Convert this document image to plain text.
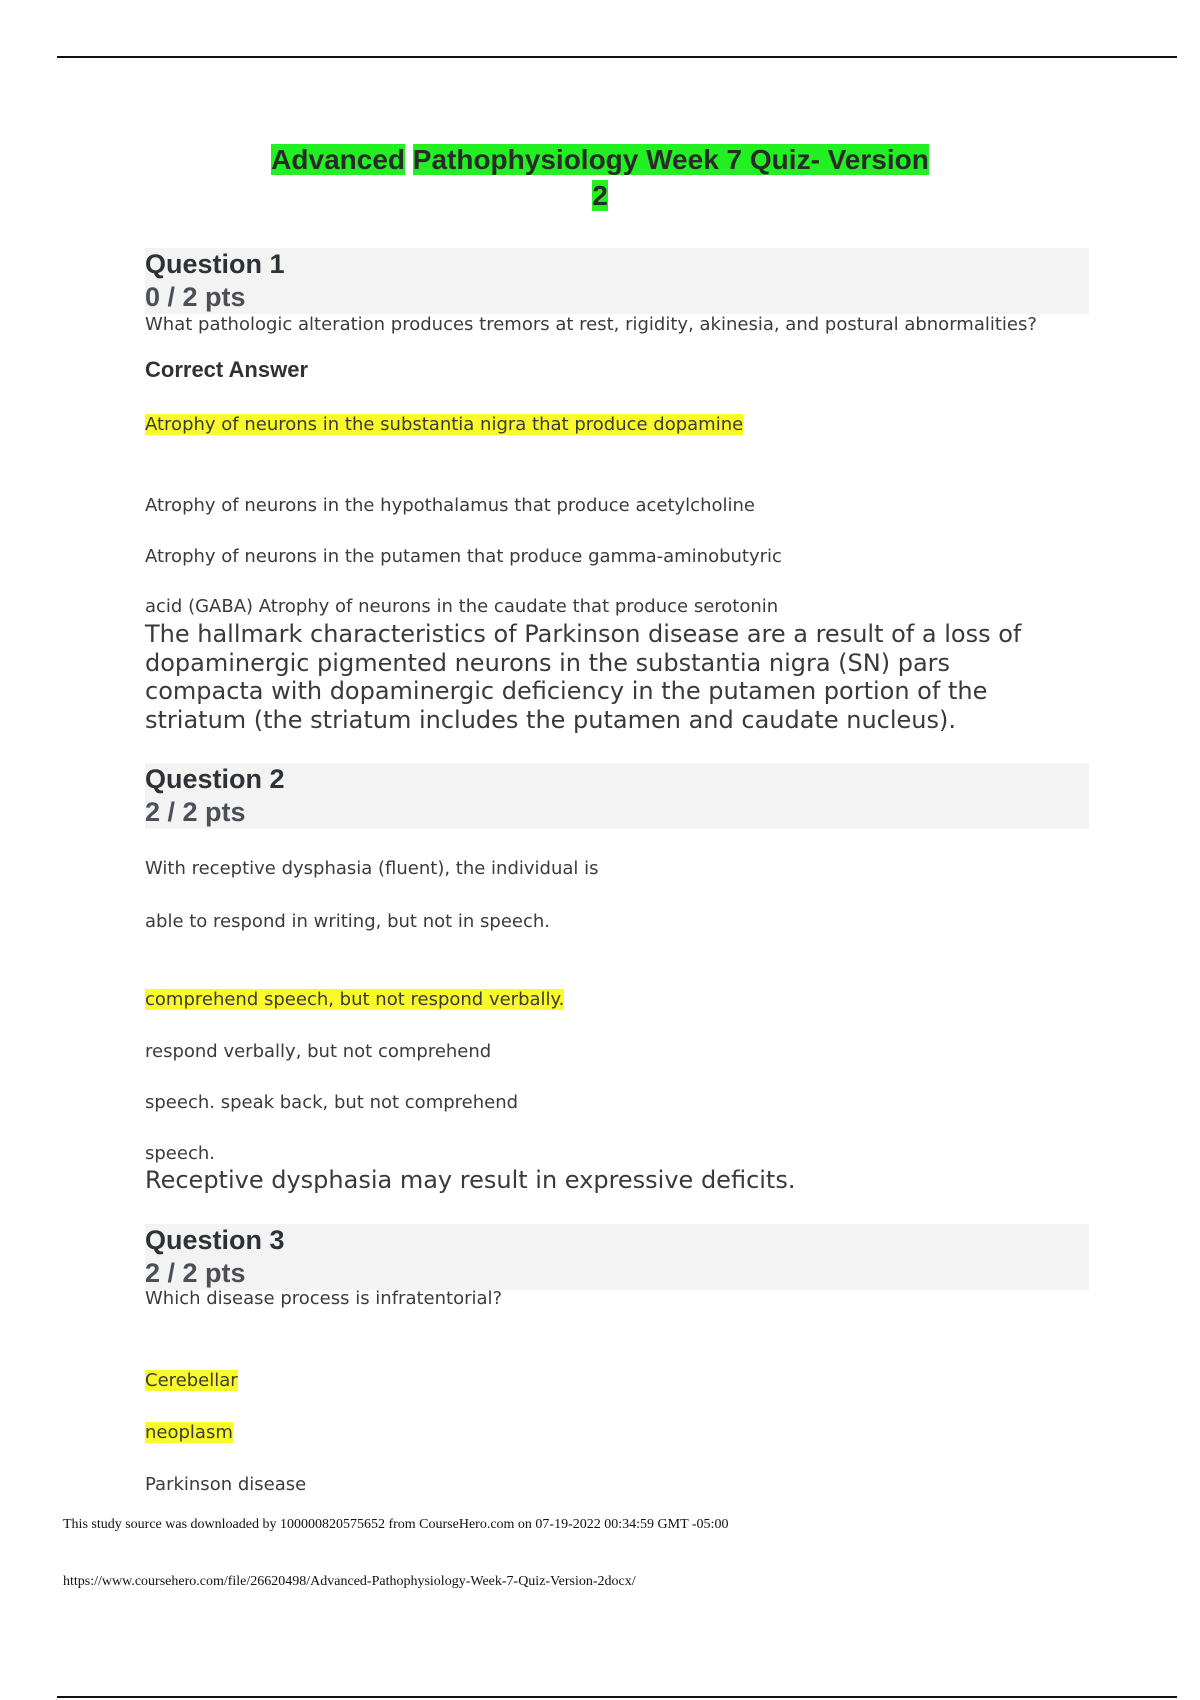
Advanced Pathophysiology Week 7 Quiz- Version
2
Question 1
0 / 2 pts
What pathologic alteration produces tremors at rest, rigidity, akinesia, and postural abnormalities?
Correct Answer
Atrophy of neurons in the substantia nigra that produce dopamine
Atrophy of neurons in the hypothalamus that produce acetylcholine
Atrophy of neurons in the putamen that produce gamma-aminobutyric
acid (GABA) Atrophy of neurons in the caudate that produce serotonin
The hallmark characteristics of Parkinson disease are a result of a loss of dopaminergic pigmented neurons in the substantia nigra (SN) pars compacta with dopaminergic deficiency in the putamen portion of the striatum (the striatum includes the putamen and caudate nucleus).
Question 2
2 / 2 pts
With receptive dysphasia (fluent), the individual is
able to respond in writing, but not in speech.
comprehend speech, but not respond verbally.
respond verbally, but not comprehend
speech. speak back, but not comprehend
speech.
Receptive dysphasia may result in expressive deficits.
Question 3
2 / 2 pts
Which disease process is infratentorial?
Cerebellar
neoplasm
Parkinson disease
This study source was downloaded by 100000820575652 from CourseHero.com on 07-19-2022 00:34:59 GMT -05:00
https://www.coursehero.com/file/26620498/Advanced-Pathophysiology-Week-7-Quiz-Version-2docx/
